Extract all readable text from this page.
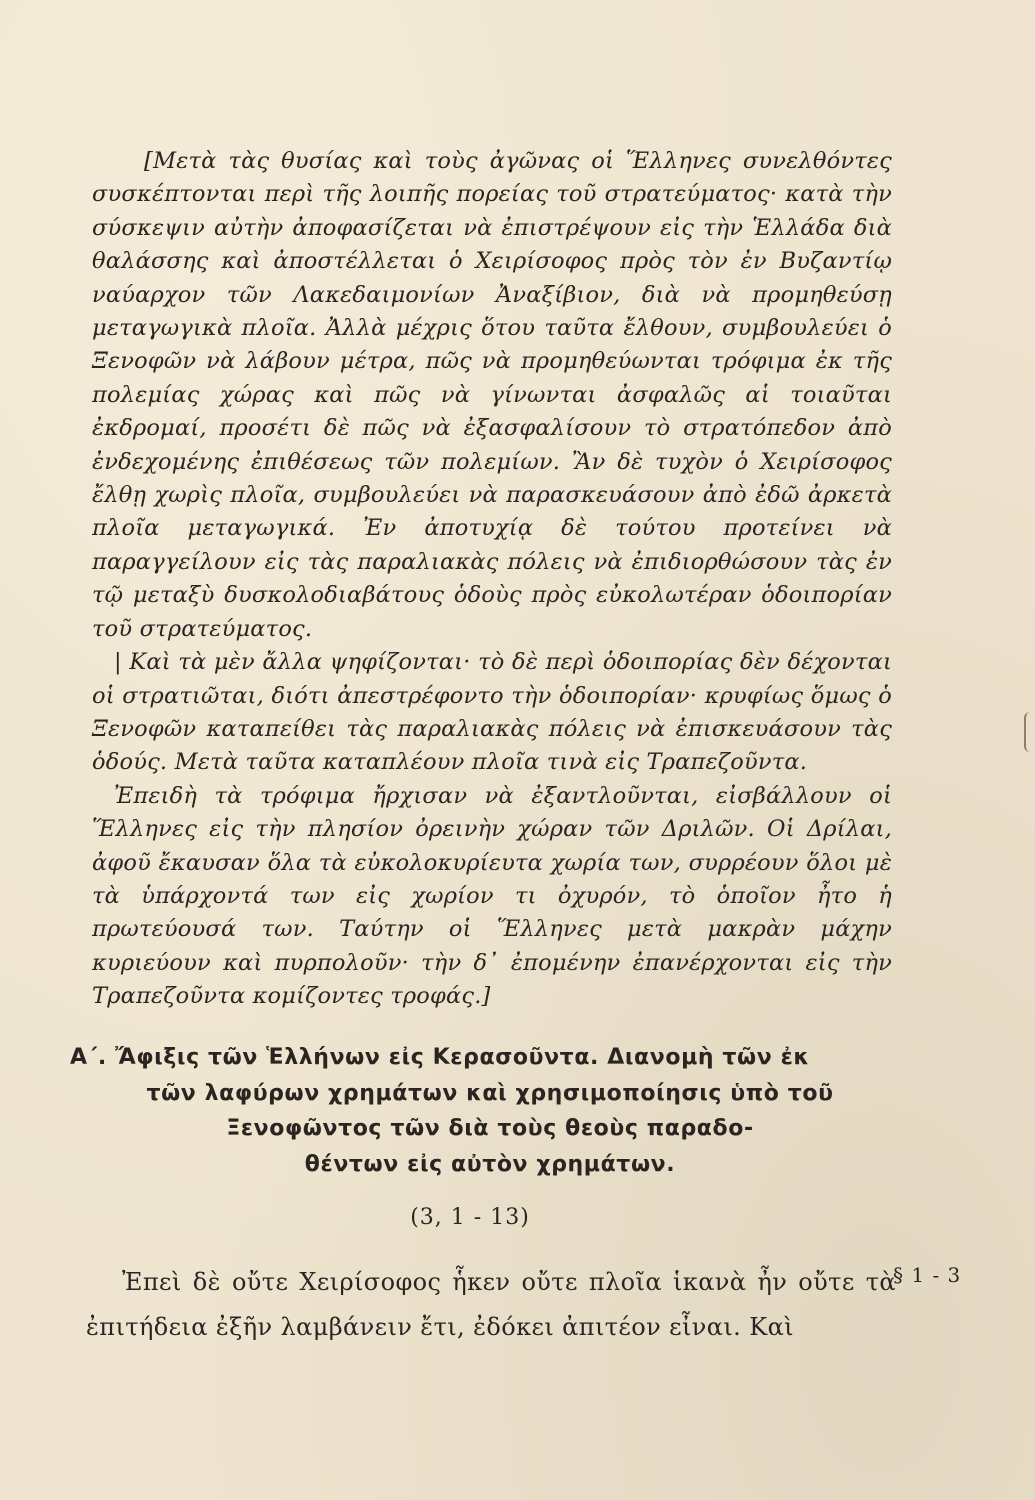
[Μετὰ τὰς θυσίας καὶ τοὺς ἀγῶνας οἱ Ἕλληνες συνελθόντες συσκέπτονται περὶ τῆς λοιπῆς πορείας τοῦ στρατεύματος· κατὰ τὴν σύσκεψιν αὐτὴν ἀποφασίζεται νὰ ἐπιστρέψουν εἰς τὴν Ἑλλάδα διὰ θαλάσσης καὶ ἀποστέλλεται ὁ Χειρίσοφος πρὸς τὸν ἐν Βυζαντίῳ ναύαρχον τῶν Λακεδαιμονίων Ἀναξίβιον, διὰ νὰ προμηθεύσῃ μεταγωγικὰ πλοῖα. Ἀλλὰ μέχρις ὅτου ταῦτα ἔλθουν, συμβουλεύει ὁ Ξενοφῶν νὰ λάβουν μέτρα, πῶς νὰ προμηθεύωνται τρόφιμα ἐκ τῆς πολεμίας χώρας καὶ πῶς νὰ γίνωνται ἀσφαλῶς αἱ τοιαῦται ἐκδρομαί, προσέτι δὲ πῶς νὰ ἐξασφαλίσουν τὸ στρατόπεδον ἀπὸ ἐνδεχομένης ἐπιθέσεως τῶν πολεμίων. Ἂν δὲ τυχὸν ὁ Χειρίσοφος ἔλθῃ χωρὶς πλοῖα, συμβουλεύει νὰ παρασκευάσουν ἀπὸ ἐδῶ ἀρκετὰ πλοῖα μεταγωγικά. Ἐν ἀποτυχίᾳ δὲ τούτου προτείνει νὰ παραγγείλουν εἰς τὰς παραλιακὰς πόλεις νὰ ἐπιδιορθώσουν τὰς ἐν τῷ μεταξὺ δυσκολοδιαβάτους ὁδοὺς πρὸς εὐκολωτέραν ὁδοιπορίαν τοῦ στρατεύματος.

| Καὶ τὰ μὲν ἄλλα ψηφίζονται· τὸ δὲ περὶ ὁδοιπορίας δὲν δέχονται οἱ στρατιῶται, διότι ἀπεστρέφοντο τὴν ὁδοιπορίαν· κρυφίως ὅμως ὁ Ξενοφῶν καταπείθει τὰς παραλιακὰς πόλεις νὰ ἐπισκευάσουν τὰς ὁδούς. Μετὰ ταῦτα καταπλέουν πλοῖα τινὰ εἰς Τραπεζοῦντα.

Ἐπειδὴ τὰ τρόφιμα ἤρχισαν νὰ ἐξαντλοῦνται, εἰσβάλλουν οἱ Ἕλληνες εἰς τὴν πλησίον ὀρεινὴν χώραν τῶν Δριλῶν. Οἱ Δρίλαι, ἀφοῦ ἔκαυσαν ὅλα τὰ εὐκολοκυρίευτα χωρία των, συρρέουν ὅλοι μὲ τὰ ὑπάρχοντά των εἰς χωρίον τι ὀχυρόν, τὸ ὁποῖον ἦτο ἡ πρωτεύουσά των. Ταύτην οἱ Ἕλληνες μετὰ μακρὰν μάχην κυριεύουν καὶ πυρπολοῦν· τὴν δ᾽ ἐπομένην ἐπανέρχονται εἰς τὴν Τραπεζοῦντα κομίζοντες τροφάς.]

Α΄. Ἄφιξις τῶν Ἑλλήνων εἰς Κερασοῦντα. Διανομὴ τῶν ἐκ
τῶν λαφύρων χρημάτων καὶ χρησιμοποίησις ὑπὸ τοῦ
Ξενοφῶντος τῶν διὰ τοὺς θεοὺς παραδο-
θέντων εἰς αὐτὸν χρημάτων.
(3, 1 - 13)

Ἐπεὶ δὲ οὔτε Χειρίσοφος ἧκεν οὔτε πλοῖα ἱκανὰ ἦν οὔτε τὰ ἐπιτήδεια ἐξῆν λαμβάνειν ἔτι, ἐδόκει ἀπιτέον εἶναι. Καὶ

§ 1 - 3
